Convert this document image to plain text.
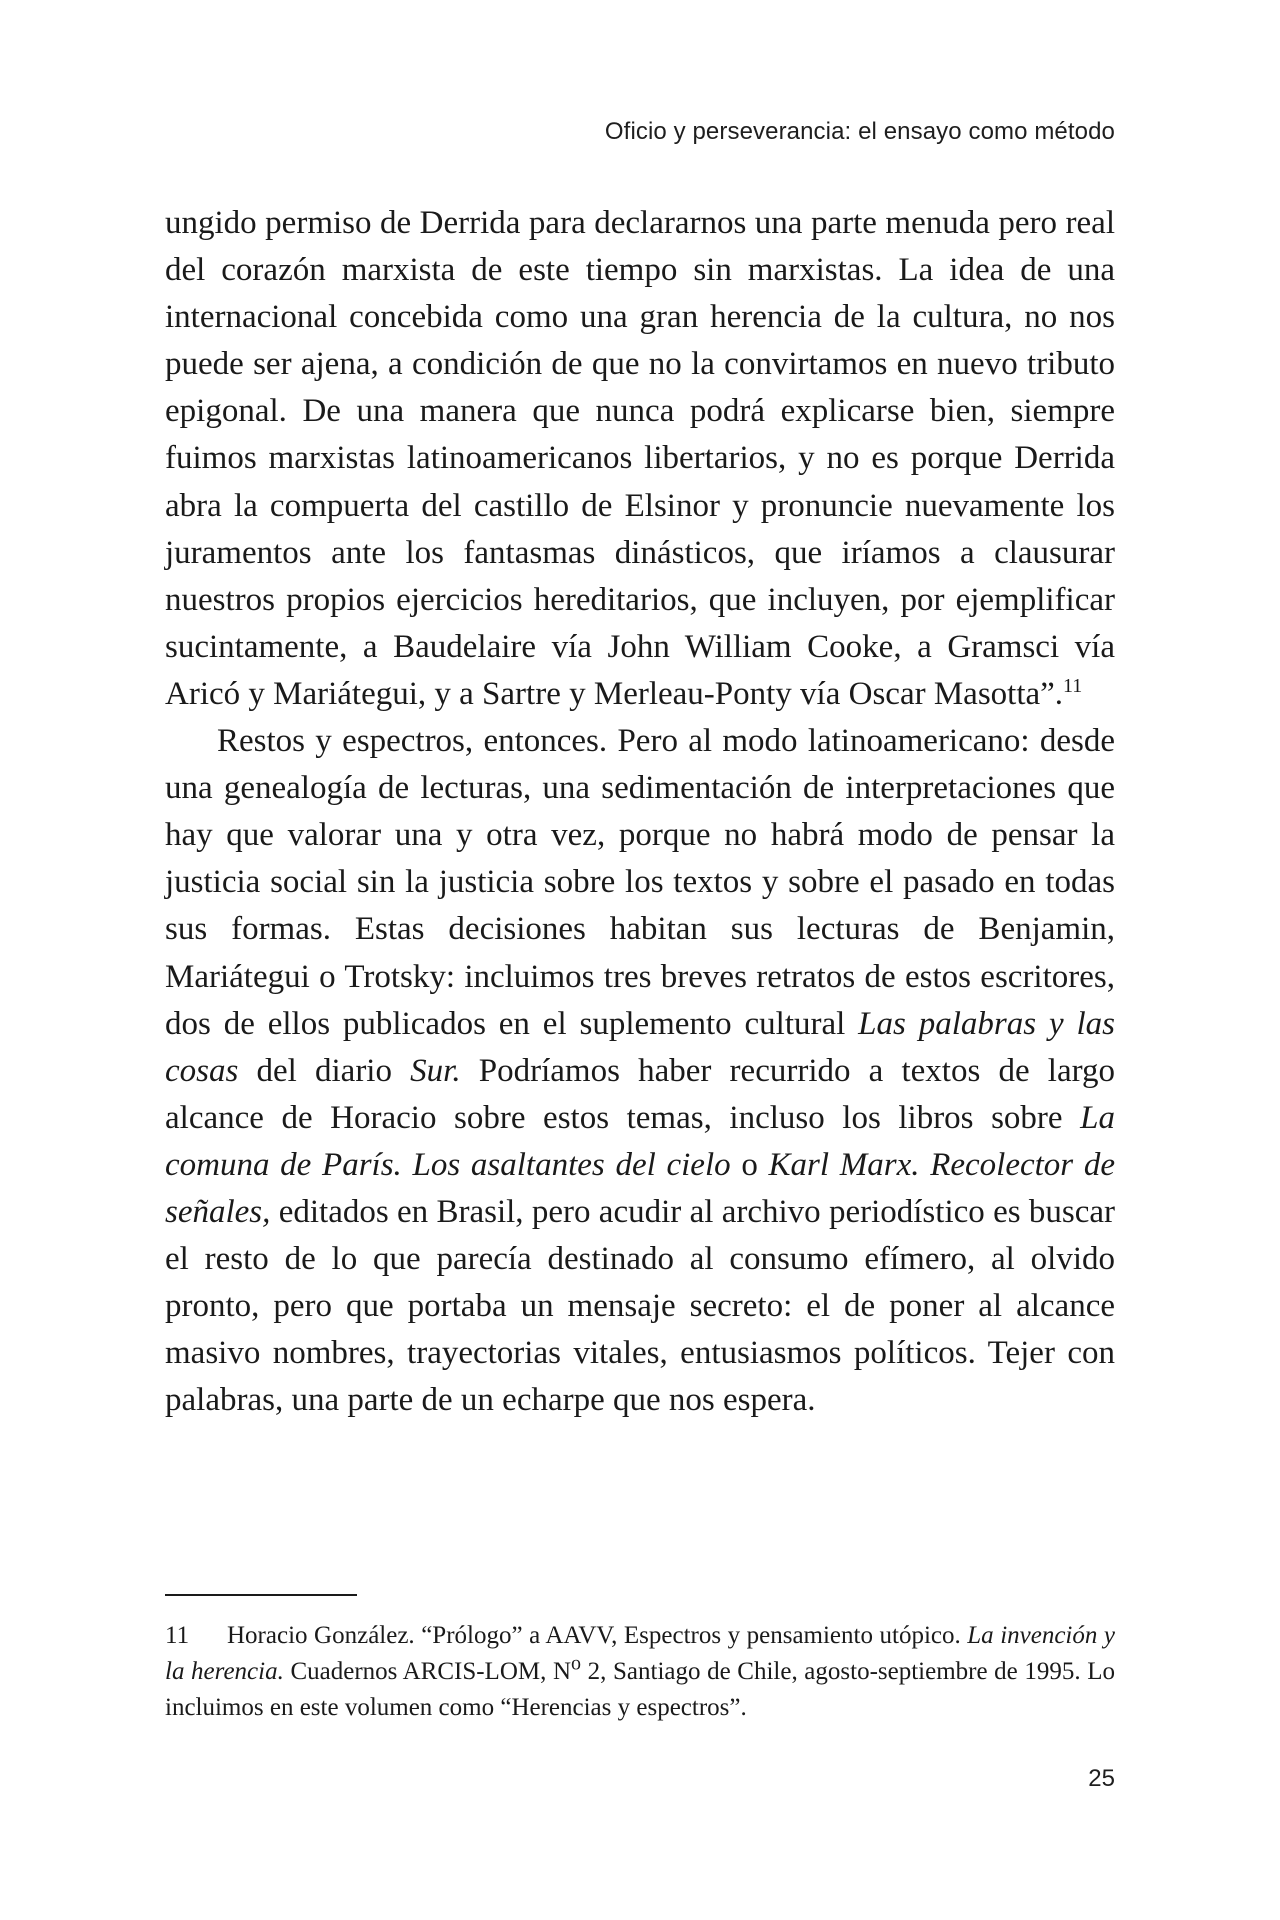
Oficio y perseverancia: el ensayo como método

ungido permiso de Derrida para declararnos una parte menuda pero real del corazón marxista de este tiempo sin marxistas. La idea de una internacional concebida como una gran herencia de la cultura, no nos puede ser ajena, a condición de que no la convirtamos en nuevo tributo epigonal. De una manera que nunca podrá explicarse bien, siempre fuimos marxistas latinoamericanos libertarios, y no es porque Derrida abra la compuerta del castillo de Elsinor y pronuncie nuevamente los juramentos ante los fantasmas dinásticos, que iríamos a clausurar nuestros propios ejercicios hereditarios, que incluyen, por ejemplificar sucintamente, a Baudelaire vía John William Cooke, a Gramsci vía Aricó y Mariátegui, y a Sartre y Merleau-Ponty vía Oscar Masotta”.$^{11}$

Restos y espectros, entonces. Pero al modo latinoamericano: desde una genealogía de lecturas, una sedimentación de interpretaciones que hay que valorar una y otra vez, porque no habrá modo de pensar la justicia social sin la justicia sobre los textos y sobre el pasado en todas sus formas. Estas decisiones habitan sus lecturas de Benjamin, Mariátegui o Trotsky: incluimos tres breves retratos de estos escritores, dos de ellos publicados en el suplemento cultural Las palabras y las cosas del diario Sur. Podríamos haber recurrido a textos de largo alcance de Horacio sobre estos temas, incluso los libros sobre La comuna de París. Los asaltantes del cielo o Karl Marx. Recolector de señales, editados en Brasil, pero acudir al archivo periodístico es buscar el resto de lo que parecía destinado al consumo efímero, al olvido pronto, pero que portaba un mensaje secreto: el de poner al alcance masivo nombres, trayectorias vitales, entusiasmos políticos. Tejer con palabras, una parte de un echarpe que nos espera.

11 Horacio González. “Prólogo” a AAVV, Espectros y pensamiento utópico. La invención y la herencia. Cuadernos ARCIS-LOM, $N^o$ 2, Santiago de Chile, agosto-septiembre de 1995. Lo incluimos en este volumen como “Herencias y espectros”.
25
